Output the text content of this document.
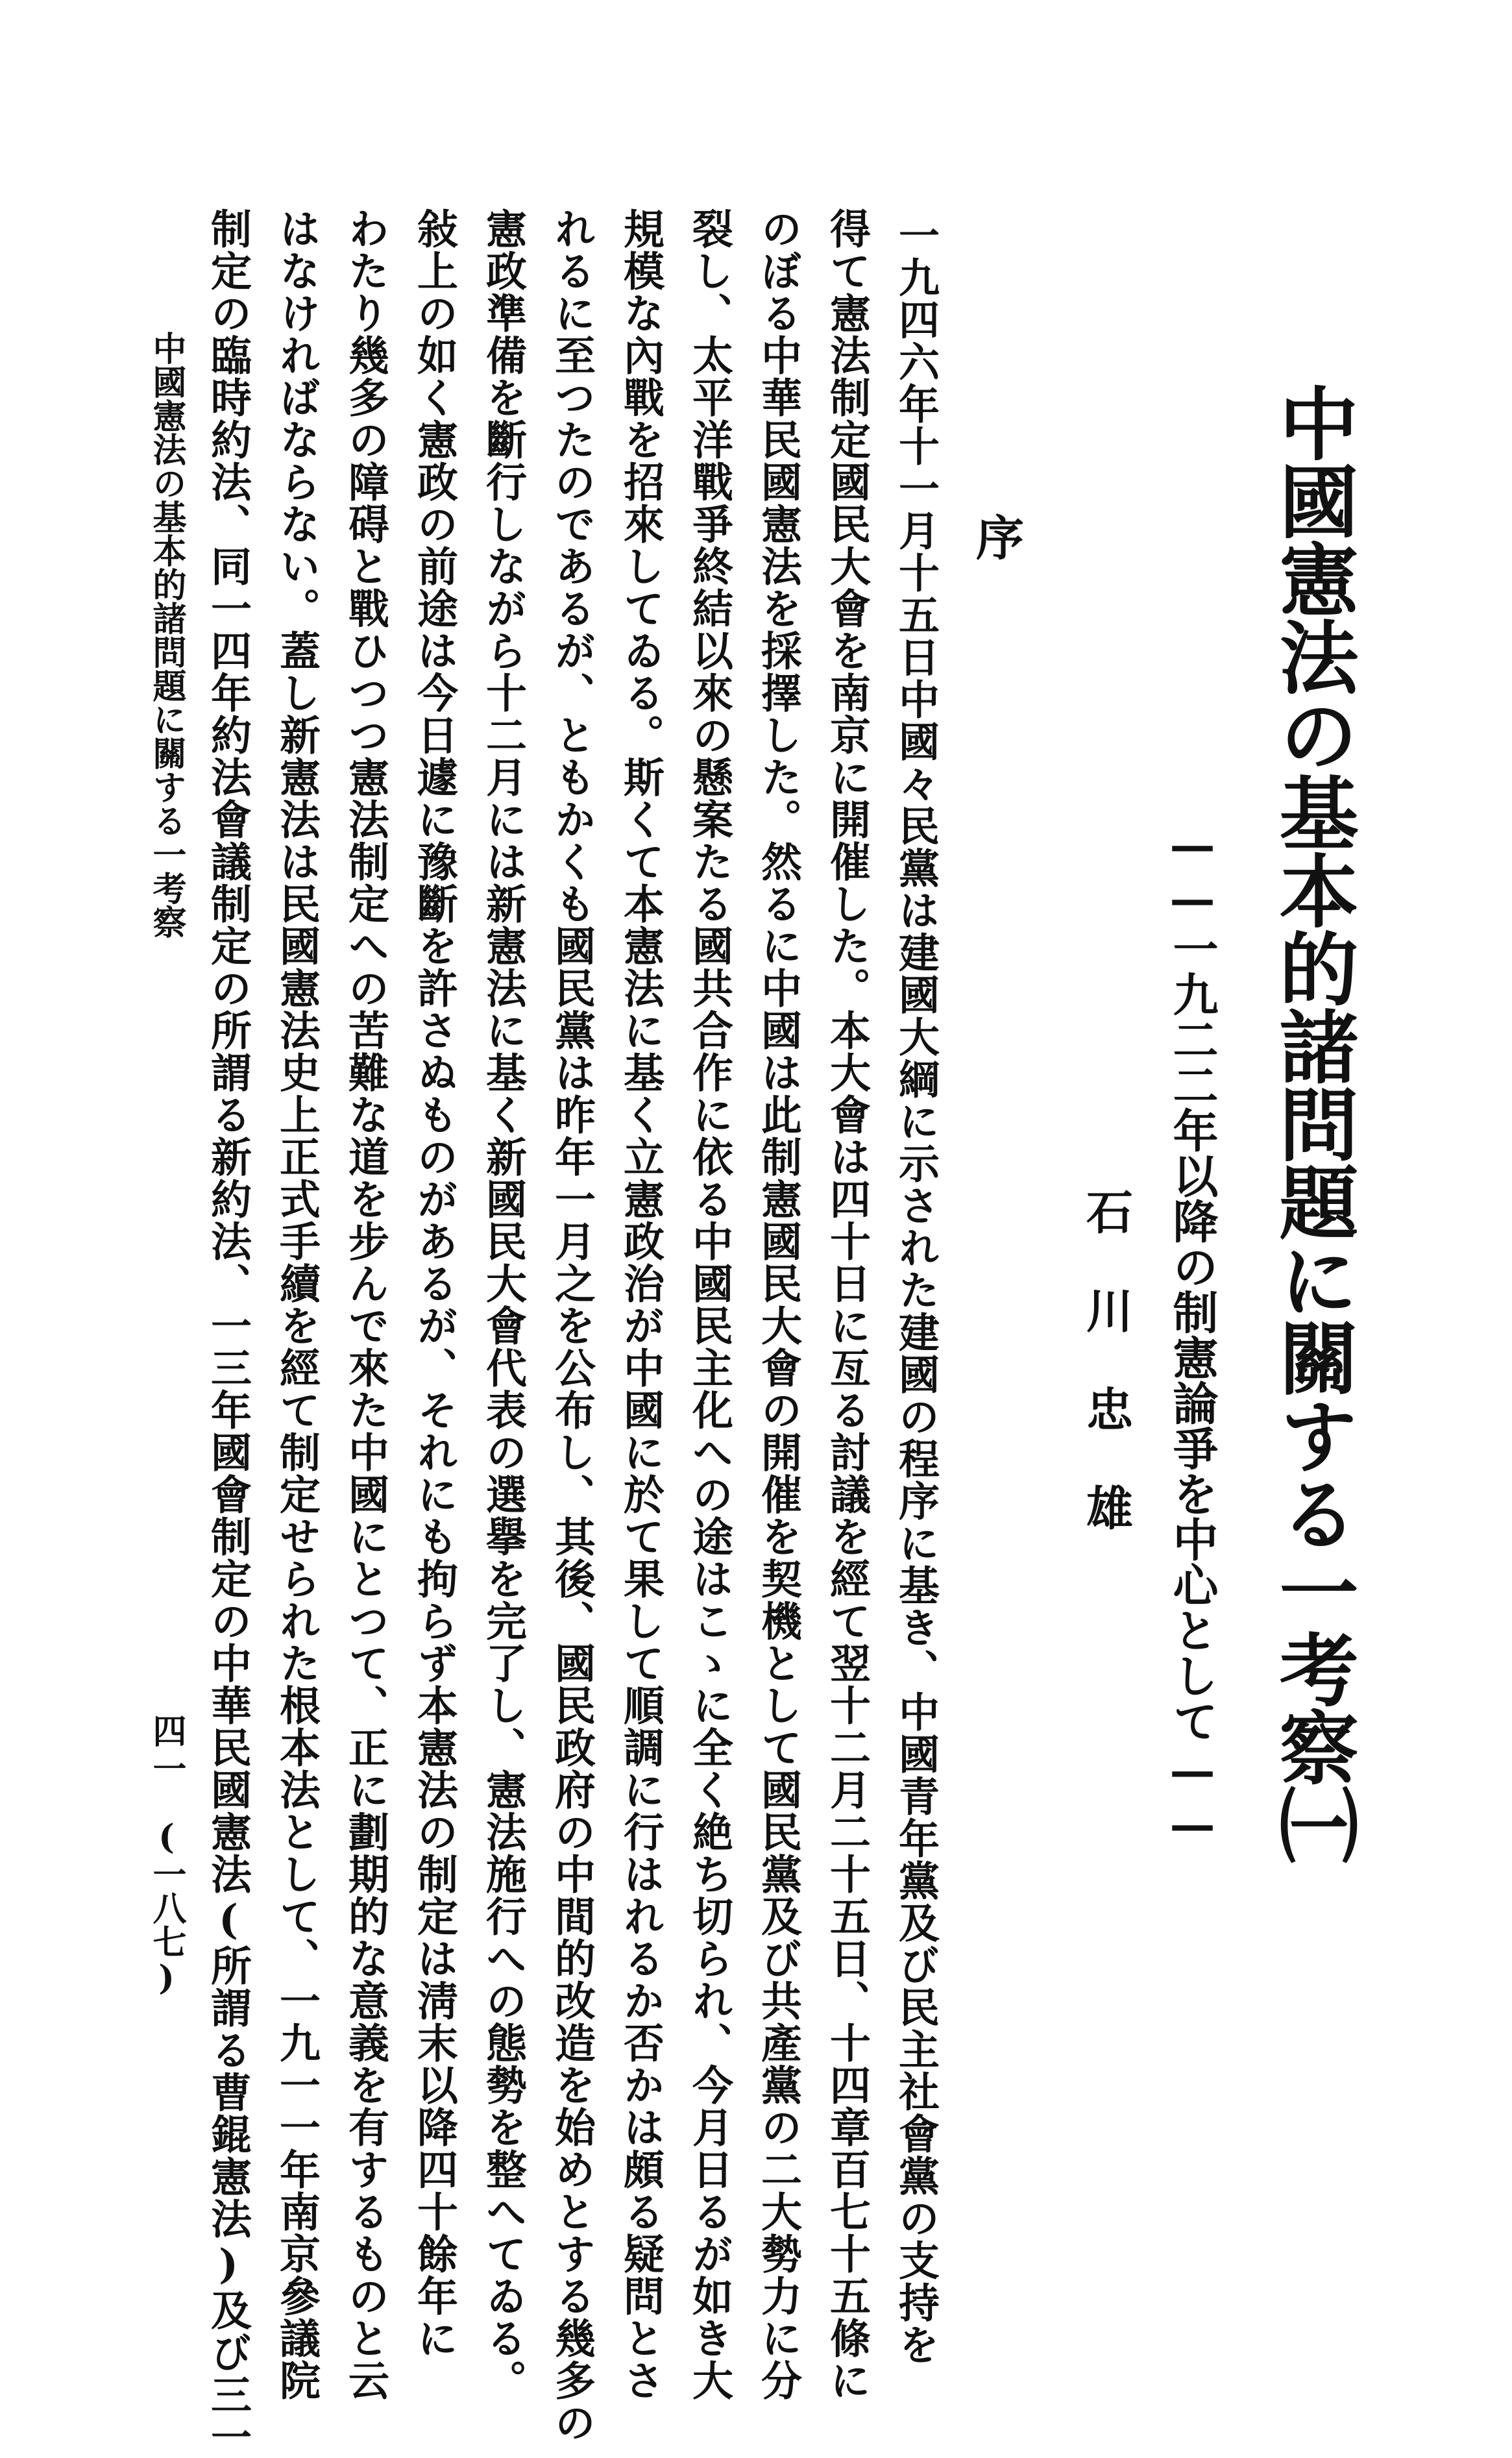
中國憲法の基本的諸問題に關する一考察㈠
——一九二二年以降の制憲論爭を中心として——
石川忠雄
序
一九四六年十一月十五日中國々民黨は建國大綱に示された建國の程序に基き、中國青年黨及び民主社會黨の支持を
得て憲法制定國民大會を南京に開催した。本大會は四十日に亙る討議を經て翌十二月二十五日、十四章百七十五條に
のぼる中華民國憲法を採擇した。然るに中國は此制憲國民大會の開催を契機として國民黨及び共產黨の二大勢力に分
裂し、太平洋戰爭終結以來の懸案たる國共合作に依る中國民主化への途はこゝに全く絶ち切られ、今月日るが如き大
規模な內戰を招來してゐる。斯くて本憲法に基く立憲政治が中國に於て果して順調に行はれるか否かは頗る疑問とさ
れるに至つたのであるが、ともかくも國民黨は昨年一月之を公布し、其後、國民政府の中間的改造を始めとする幾多の
憲政準備を斷行しながら十二月には新憲法に基く新國民大會代表の選擧を完了し、憲法施行への態勢を整へてゐる。
敍上の如く憲政の前途は今日遽に豫斷を許さぬものがあるが、それにも拘らず本憲法の制定は淸末以降四十餘年に
わたり幾多の障碍と戰ひつつ憲法制定への苦難な道を步んで來た中國にとつて、正に劃期的な意義を有するものと云
はなければならない。蓋し新憲法は民國憲法史上正式手續を經て制定せられた根本法として、一九一一年南京參議院
制定の臨時約法、同一四年約法會議制定の所謂る新約法、一三年國會制定の中華民國憲法(所謂る曹錕憲法)及び三一
中國憲法の基本的諸問題に關する一考察
四一
(一八七)
